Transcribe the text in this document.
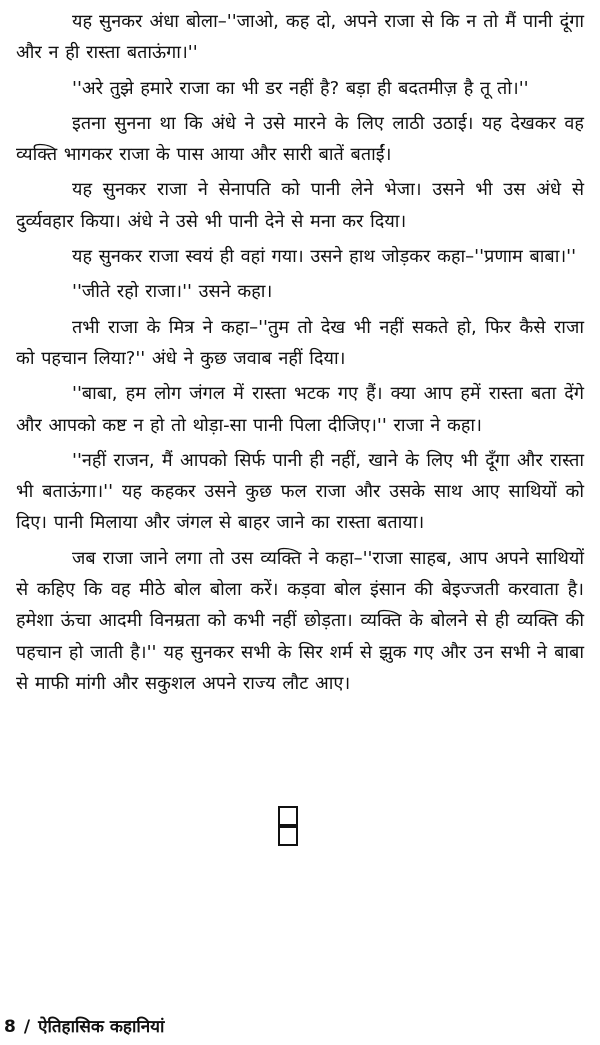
यह सुनकर अंधा बोला–''जाओ, कह दो, अपने राजा से कि न तो मैं पानी दूंगा और न ही रास्ता बताऊंगा।''

''अरे तुझे हमारे राजा का भी डर नहीं है? बड़ा ही बदतमीज़ है तू तो।''

इतना सुनना था कि अंधे ने उसे मारने के लिए लाठी उठाई। यह देखकर वह व्यक्ति भागकर राजा के पास आया और सारी बातें बताईं।

यह सुनकर राजा ने सेनापति को पानी लेने भेजा। उसने भी उस अंधे से दुर्व्यवहार किया। अंधे ने उसे भी पानी देने से मना कर दिया।

यह सुनकर राजा स्वयं ही वहां गया। उसने हाथ जोड़कर कहा–''प्रणाम बाबा।''

''जीते रहो राजा।'' उसने कहा।

तभी राजा के मित्र ने कहा–''तुम तो देख भी नहीं सकते हो, फिर कैसे राजा को पहचान लिया?'' अंधे ने कुछ जवाब नहीं दिया।

''बाबा, हम लोग जंगल में रास्ता भटक गए हैं। क्या आप हमें रास्ता बता देंगे और आपको कष्ट न हो तो थोड़ा-सा पानी पिला दीजिए।'' राजा ने कहा।

''नहीं राजन, मैं आपको सिर्फ पानी ही नहीं, खाने के लिए भी दूँगा और रास्ता भी बताऊंगा।'' यह कहकर उसने कुछ फल राजा और उसके साथ आए साथियों को दिए। पानी मिलाया और जंगल से बाहर जाने का रास्ता बताया।

जब राजा जाने लगा तो उस व्यक्ति ने कहा–''राजा साहब, आप अपने साथियों से कहिए कि वह मीठे बोल बोला करें। कड़वा बोल इंसान की बेइज्जती करवाता है। हमेशा ऊंचा आदमी विनम्रता को कभी नहीं छोड़ता। व्यक्ति के बोलने से ही व्यक्ति की पहचान हो जाती है।'' यह सुनकर सभी के सिर शर्म से झुक गए और उन सभी ने बाबा से माफी मांगी और सकुशल अपने राज्य लौट आए।

8 / ऐतिहासिक कहानियां
